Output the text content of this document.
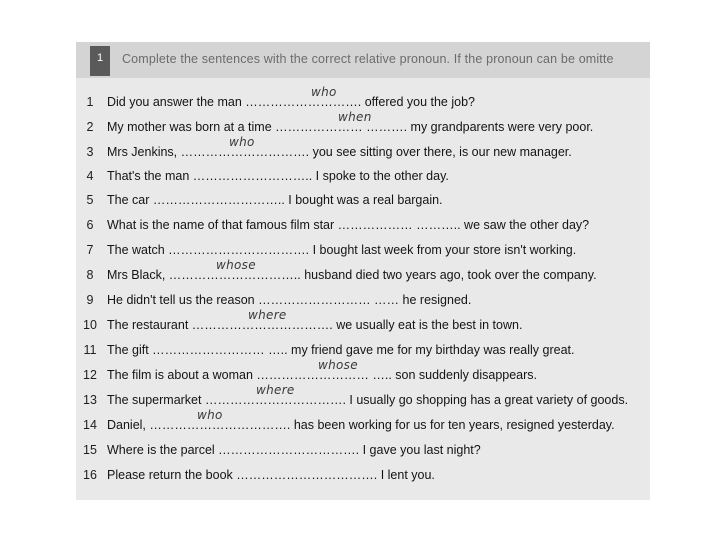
1	Complete the sentences with the correct relative pronoun. If the pronoun can be omitte
1	Did you answer the man ………………………. offered you the job?
who
2	My mother was born at a time ………………… ………. my grandparents were very poor.
when
3	Mrs Jenkins, …………………………. you see sitting over there, is our new manager.
who
4	That's the man ……………………….. I spoke to the other day.
5	The car ………………………….. I bought was a real bargain.
6	What is the name of that famous film star ……………… ……….. we saw the other day?
7	The watch ……………………………. I bought last week from your store isn't working.
8	Mrs Black, ………………………….. husband died two years ago, took over the company.
whose
9	He didn't tell us the reason ……………………… …… he resigned.
10 The restaurant ……………………………. we usually eat is the best in town.
where
11 The gift ……………………… ….. my friend gave me for my birthday was really great.
12 The film is about a woman ……………………… ….. son suddenly disappears.
whose
13 The supermarket ……………………………. I usually go shopping has a great variety of goods.
where
14 Daniel, ……………………………. has been working for us for ten years, resigned yesterday.
who
15 Where is the parcel ……………………………. I gave you last night?
16 Please return the book ……………………………. I lent you.
